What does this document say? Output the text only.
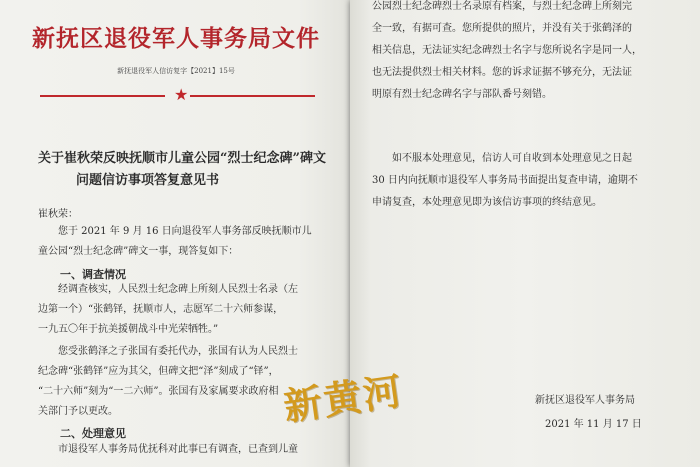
新抚区退役军人事务局文件
新抚退役军人信访复字【2021】15号
★
关于崔秋荣反映抚顺市儿童公园“烈士纪念碑”碑文
问题信访事项答复意见书
崔秋荣：
您于 2021 年 9 月 16 日向退役军人事务部反映抚顺市儿
童公园“烈士纪念碑”碑文一事，现答复如下：
一、调查情况
经调查核实，人民烈士纪念碑上所刻人民烈士名录（左
边第一个）“张鹤铎，抚顺市人，志愿军二十六师参谋，
一九五〇年于抗美援朝战斗中光荣牺牲。”
您受张鹤泽之子张国有委托代办，张国有认为人民烈士
纪念碑“张鹤铎”应为其父，但碑文把“泽”刻成了“铎”，
“二十六师”刻为“一二六师”。张国有及家属要求政府相
关部门予以更改。
二、处理意见
市退役军人事务局优抚科对此事已有调查，已查到儿童
公园烈士纪念碑烈士名录原有档案，与烈士纪念碑上所刻完
全一致，有据可查。您所提供的照片，并没有关于张鹤泽的
相关信息，无法证实纪念碑烈士名字与您所说名字是同一人，
也无法提供烈士相关材料。您的诉求证据不够充分，无法证
明原有烈士纪念碑名字与部队番号刻错。
如不服本处理意见，信访人可自收到本处理意见之日起
30 日内向抚顺市退役军人事务局书面提出复查申请，逾期不
申请复查，本处理意见即为该信访事项的终结意见。
新抚区退役军人事务局
2021 年 11 月 17 日
新黄河
